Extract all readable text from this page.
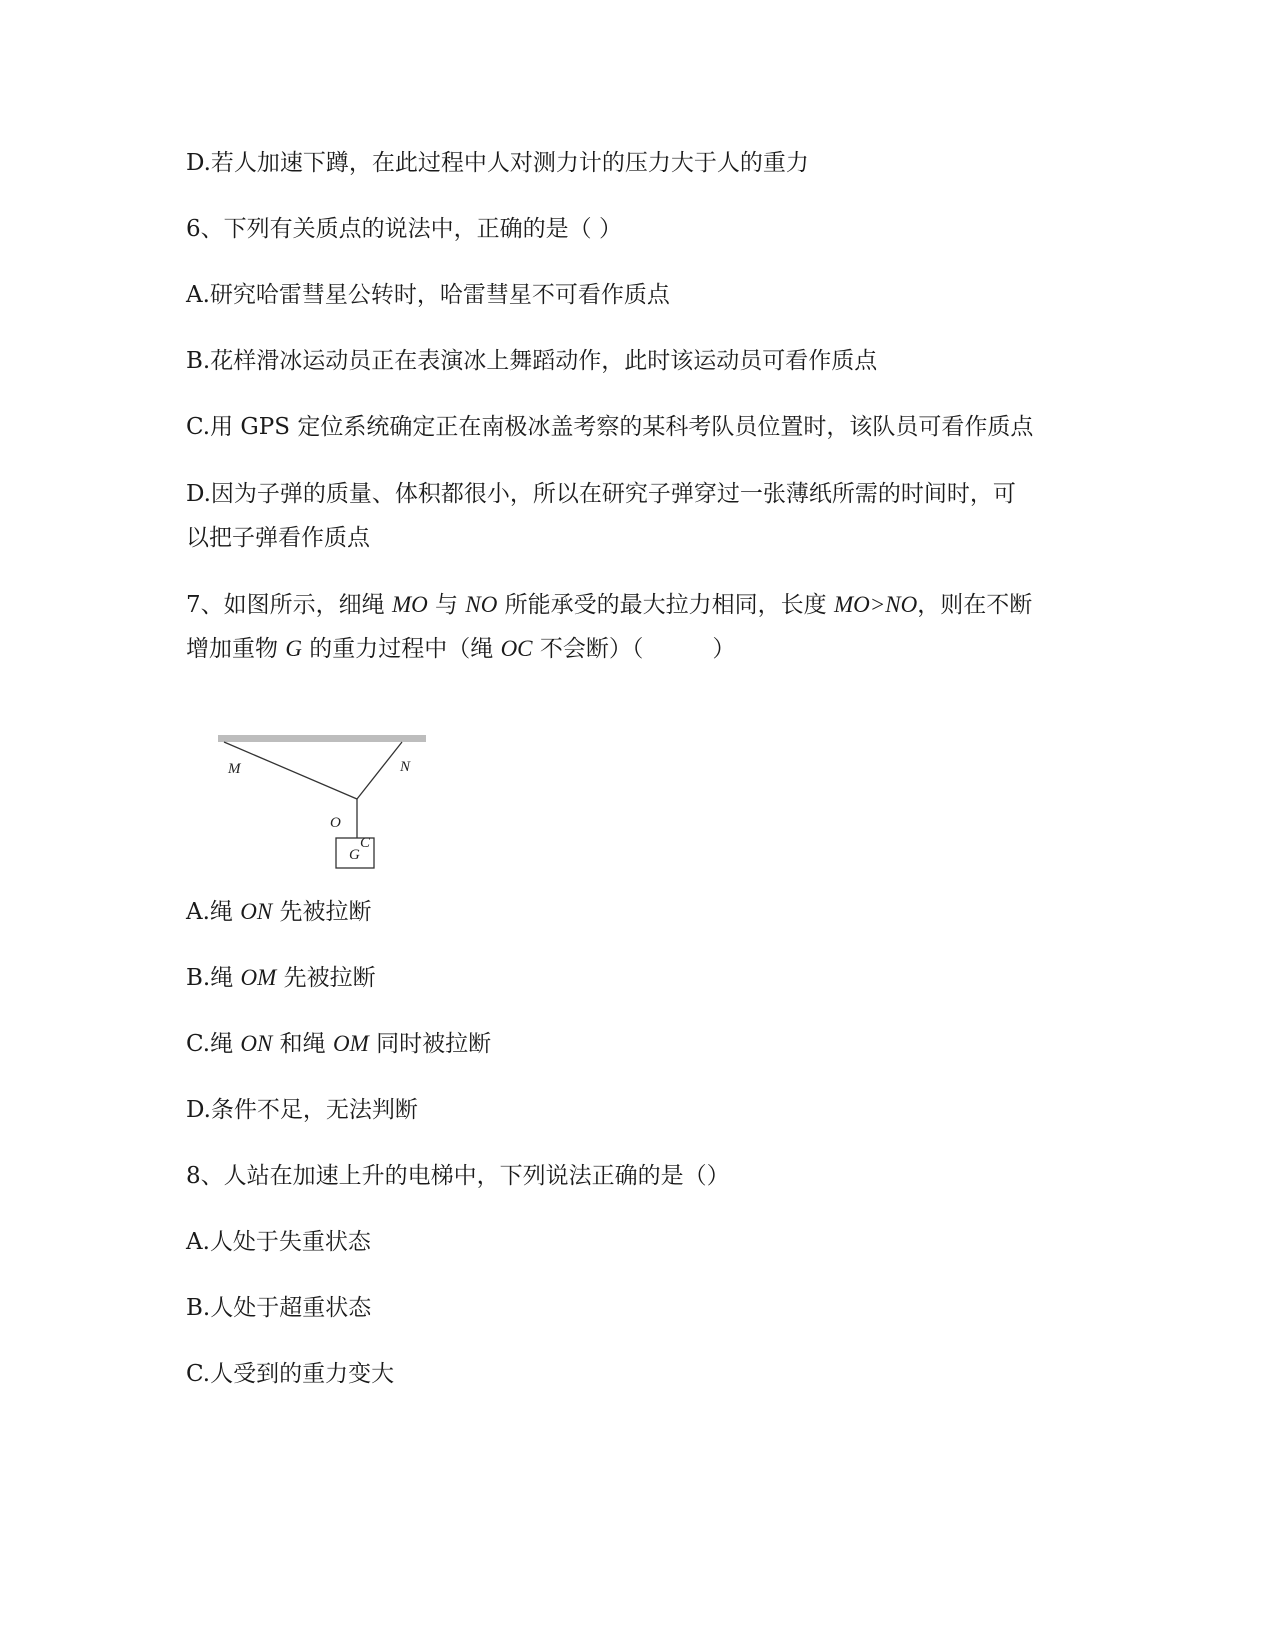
D.若人加速下蹲，在此过程中人对测力计的压力大于人的重力
6、下列有关质点的说法中，正确的是（ ）
A.研究哈雷彗星公转时，哈雷彗星不可看作质点
B.花样滑冰运动员正在表演冰上舞蹈动作，此时该运动员可看作质点
C.用 GPS 定位系统确定正在南极冰盖考察的某科考队员位置时，该队员可看作质点
D.因为子弹的质量、体积都很小，所以在研究子弹穿过一张薄纸所需的时间时，可
以把子弹看作质点
7、如图所示，细绳 MO 与 NO 所能承受的最大拉力相同，长度 MO>NO，则在不断
增加重物 G 的重力过程中（绳 OC 不会断）（　　　）
M	N
O
C
G
A.绳 ON 先被拉断
B.绳 OM 先被拉断
C.绳 ON 和绳 OM 同时被拉断
D.条件不足，无法判断
8、人站在加速上升的电梯中，下列说法正确的是（）
A.人处于失重状态
B.人处于超重状态
C.人受到的重力变大
